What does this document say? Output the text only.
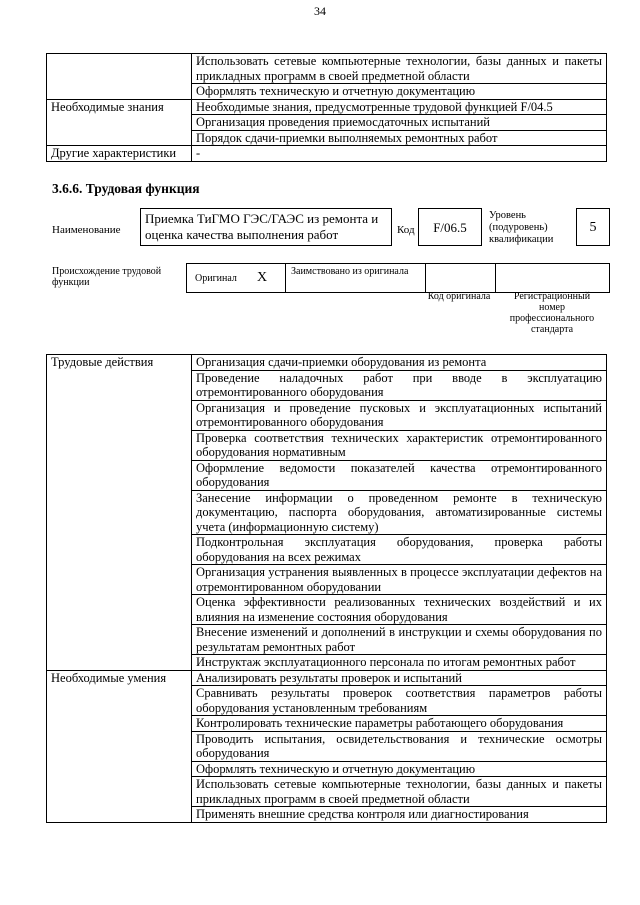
34
	Использовать сетевые компьютерные технологии, базы данных и пакеты прикладных программ в своей предметной области
	Оформлять техническую и отчетную документацию
Необходимые знания	Необходимые знания, предусмотренные трудовой функцией F/04.5
	Организация проведения приемосдаточных испытаний
	Порядок сдачи-приемки выполняемых ремонтных работ
Другие характеристики	-
3.6.6. Трудовая функция
Наименование
Приемка ТиГМО ГЭС/ГАЭС из ремонта и оценка качества выполнения работ	Код	F/06.5
Уровень (подуровень) квалификации
5
Происхождение трудовой функции	Оригинал X Заимствовано из оригинала
Код оригинала	Регистрационный номер профессионального стандарта
Трудовые действия	Организация сдачи-приемки оборудования из ремонта
	Проведение наладочных работ при вводе в эксплуатацию отремонтированного оборудования
	Организация и проведение пусковых и эксплуатационных испытаний отремонтированного оборудования
	Проверка соответствия технических характеристик отремонтированного оборудования нормативным
	Оформление ведомости показателей качества отремонтированного оборудования
	Занесение информации о проведенном ремонте в техническую документацию, паспорта оборудования, автоматизированные системы учета (информационную систему)
	Подконтрольная эксплуатация оборудования, проверка работы оборудования на всех режимах
	Организация устранения выявленных в процессе эксплуатации дефектов на отремонтированном оборудовании
	Оценка эффективности реализованных технических воздействий и их влияния на изменение состояния оборудования
	Внесение изменений и дополнений в инструкции и схемы оборудования по результатам ремонтных работ
	Инструктаж эксплуатационного персонала по итогам ремонтных работ
Необходимые умения	Анализировать результаты проверок и испытаний
	Сравнивать результаты проверок соответствия параметров работы оборудования установленным требованиям
	Контролировать технические параметры работающего оборудования
	Проводить испытания, освидетельствования и технические осмотры оборудования
	Оформлять техническую и отчетную документацию
	Использовать сетевые компьютерные технологии, базы данных и пакеты прикладных программ в своей предметной области
	Применять внешние средства контроля или диагностирования
